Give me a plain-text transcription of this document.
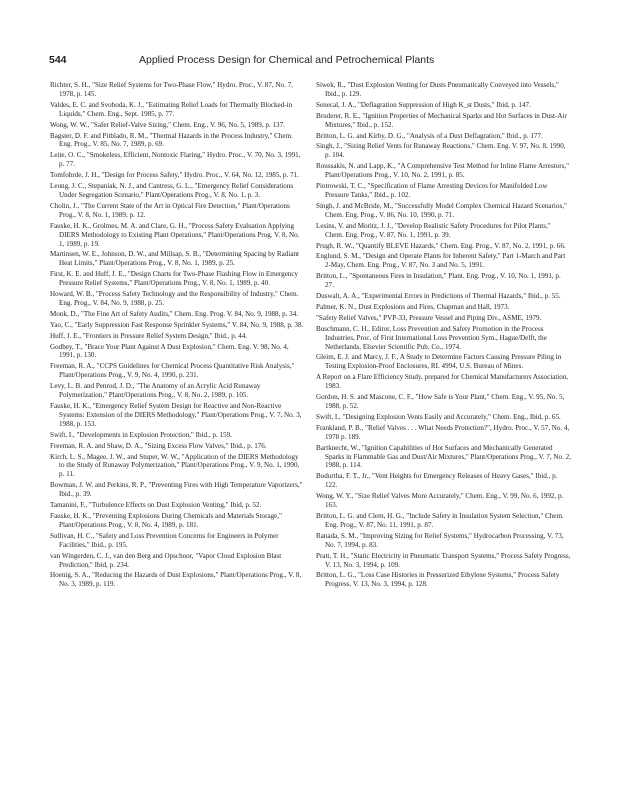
544	Applied Process Design for Chemical and Petrochemical Plants

Richter, S. H., "Size Relief Systems for Two-Phase Flow," Hydro. Proc., V. 87, No. 7, 1978, p. 145.

Valdes, E. C. and Svoboda, K. J., "Estimating Relief Loads for Thermally Blocked-in Liquids," Chem. Eng., Sept. 1985, p. 77.

Wong, W. W., "Safer Relief-Valve Sizing," Chem. Eng., V. 96, No. 5, 1989, p. 137.

Bagster, D. F. and Pitblado, R. M., "Thermal Hazards in the Process Industry," Chem. Eng. Prog., V. 85, No. 7, 1989, p. 69.

Leite, O. C., "Smokeless, Efficient, Nontoxic Flaring," Hydro. Proc., V. 70, No. 3, 1991, p. 77.

Tomfohrde, J. H., "Design for Process Safety," Hydro. Proc., V. 64, No. 12, 1985, p. 71.

Leung, J. C., Stepaniak, N. J., and Cantress, G. L., "Emergency Relief Considerations Under Segregation Scenario," Plant/Operations Prog., V. 8, No. 1, p. 3.

Cholin, J., "The Current State of the Art in Optical Fire Detection," Plant/Operations Prog., V. 8, No. 1, 1989, p. 12.

Fauske, H. K., Grolmes, M. A. and Clare, G. H., "Process Safety Evaluation Applying DIERS Methodology to Existing Plant Operations," Plant/Operations Prog. V. 8, No. 1, 1989, p. 19.

Martinsen, W. E., Johnson, D. W., and Millsap, S. B., "Determining Spacing by Radiant Heat Limits," Plant/Operations Prog., V. 8, No. 1, 1989, p. 25.

First, K. E. and Huff, J. E., "Design Charts for Two-Phase Flashing Flow in Emergency Pressure Relief Systems," Plant/Operations Prog., V. 8, No. 1, 1989, p. 40.

Howard, W. B., "Process Safety Technology and the Responsibility of Industry," Chem. Eng. Prog., V. 84, No. 9, 1988, p. 25.

Monk, D., "The Fine Art of Safety Audits," Chem. Eng. Prog. V. 84, No. 9, 1988, p. 34.

Yao, C., "Early Suppression Fast Response Sprinkler Systems," V. 84, No. 9, 1988, p. 38.

Huff, J. E., "Frontiers in Pressure Relief System Design," Ibid., p. 44.

Godbey, T., "Brace Your Plant Against A Dust Explosion," Chem. Eng. V. 98, No. 4, 1991, p. 130.

Freeman, R. A., "CCPS Guidelines for Chemical Process Quantitative Risk Analysis," Plant/Operations Prog., V. 9, No. 4, 1990, p. 231.

Levy, L. B. and Penrod, J. D., "The Anatomy of an Acrylic Acid Runaway Polymerization," Plant/Operations Prog., V. 8, No. 2, 1989, p. 105.

Fauske, H. K., "Emergency Relief System Design for Reactive and Non-Reactive Systems: Extension of the DIERS Methodology," Plant/Operations Prog., V. 7, No. 3, 1988, p. 153.

Swift, I., "Developments in Explosion Protection," Ibid., p. 159.

Freeman, R. A. and Shaw, D. A., "Sizing Excess Flow Valves," Ibid., p. 176.

Kirch, L. S., Magee, J. W., and Stuper, W. W., "Application of the DIERS Methodology to the Study of Runaway Polymerization," Plant/Operations Prog., V. 9, No. 1, 1990, p. 11.

Bowman, J. W. and Perkins, R. P., "Preventing Fires with High Temperature Vaporizers," Ibid., p. 39.

Tamanini, F., "Turbulence Effects on Dust Explosion Venting," Ibid, p. 52.

Fauske, H. K., "Preventing Explosions During Chemicals and Materials Storage," Plant/Operations Prog., V. 8, No. 4, 1989, p. 181.

Sullivan, H. C., "Safety and Loss Prevention Concerns for Engineers in Polymer Facilities," Ibid., p. 195.

van Wingerden, C. J., van den Berg and Opschoor, "Vapor Cloud Explosion Blast Prediction," Ibid, p. 234.

Hoenig, S. A., "Reducing the Hazards of Dust Explosions," Plant/Operations Prog., V. 8, No. 3, 1989, p. 119.

Siwek, R., "Dust Explosion Venting for Dusts Pneumatically Conveyed into Vessels," Ibid., p. 129.

Senecal, J. A., "Deflagration Suppression of High K_st Dusts," Ibid, p. 147.

Bruderer, R. E., "Ignition Properties of Mechanical Sparks and Hot Surfaces in Dust-Air Mixtures," Ibid., p. 152.

Britton, L. G. and Kirby, D. G., "Analysis of a Dust Deflagration," Ibid., p. 177.

Singh, J., "Sizing Relief Vents for Runaway Reactions," Chem. Eng. V. 97, No. 8, 1990, p. 104.

Roussakis, N. and Lapp, K., "A Comprehensive Test Method for Inline Flame Arrestors," Plant/Operations Prog., V. 10, No. 2, 1991, p. 85.

Piotrowski, T. C., "Specification of Flame Arresting Devices for Manifolded Low Pressure Tanks," Ibid., p. 102.

Singh, J. and McBride, M., "Successfully Model Complex Chemical Hazard Scenarios," Chem. Eng. Prog., V. 86, No. 10, 1990, p. 71.

Lesins, V. and Moritz, J. J., "Develop Realistic Safety Procedures for Pilot Plants," Chem. Eng. Prog., V. 87, No. 1, 1991, p. 39.

Prugh, R. W., "Quantify BLEVE Hazards," Chem. Eng. Prog., V. 87, No. 2, 1991, p. 66.

Englund, S. M., "Design and Operate Plants for Inherent Safety," Part 1-March and Part 2-May, Chem. Eng. Prog., V. 87, No. 3 and No. 5, 1991.

Britton, L., "Spontaneous Fires in Insulation," Plant. Eng. Prog., V. 10, No. 1, 1991, p. 27.

Duswalt, A. A., "Experimental Errors in Predictions of Thermal Hazards," Ibid., p. 55.

Palmer, K. N., Dust Explosions and Fires, Chapman and Hall, 1973.

"Safety Relief Valves," PVP-33, Pressure Vessel and Piping Div., ASME, 1979.

Buschmann, C. H., Editor, Loss Prevention and Safety Promotion in the Process Industries, Proc. of First International Loss Prevention Sym., Hague/Delft, the Netherlands, Elsevier Scientific Pub. Co., 1974.

Gleim, E. J. and Marcy, J. F., A Study to Determine Factors Causing Pressure Piling in Testing Explosion-Proof Enclosures, RI. 4994, U.S. Bureau of Mines.

A Report on a Flare Efficiency Study, prepared for Chemical Manufacturers Association, 1983.

Gordon, H. S. and Mascone, C. F., "How Safe is Your Plant," Chem. Eng., V. 95, No. 5, 1988, p. 52.

Swift, I., "Designing Explosion Vents Easily and Accurately," Chem. Eng., Ibid, p. 65.

Frankland, P. B., "Relief Valves . . . What Needs Protection?", Hydro. Proc., V. 57, No. 4, 1978 p. 189.

Bartknecht, W., "Ignition Capabilities of Hot Surfaces and Mechanically Generated Sparks in Flammable Gas and Dust/Air Mixtures," Plant/Operations Prog., V. 7, No. 2, 1988, p. 114.

Bodurtha, F. T., Jr., "Vent Heights for Emergency Releases of Heavy Gases," Ibid., p. 122.

Wong, W. Y., "Size Relief Valves More Accurately," Chem. Eng., V. 99, No. 6, 1992, p. 163.

Britton, L. G. and Clem, H. G., "Include Safety in Insulation System Selection," Chem. Eng. Prog., V. 87, No. 11, 1991, p. 87.

Ranada, S. M., "Improving Sizing for Relief Systems," Hydrocarbon Processing, V. 73, No. 7, 1994, p. 83.

Pratt, T. H., "Static Electricity in Pneumatic Transport Systems," Process Safety Progress, V. 13, No. 3, 1994, p. 109.

Britton, L. G., "Loss Case Histories in Pressurized Ethylene Systems," Process Safety Progress, V. 13, No. 3, 1994, p. 128.
